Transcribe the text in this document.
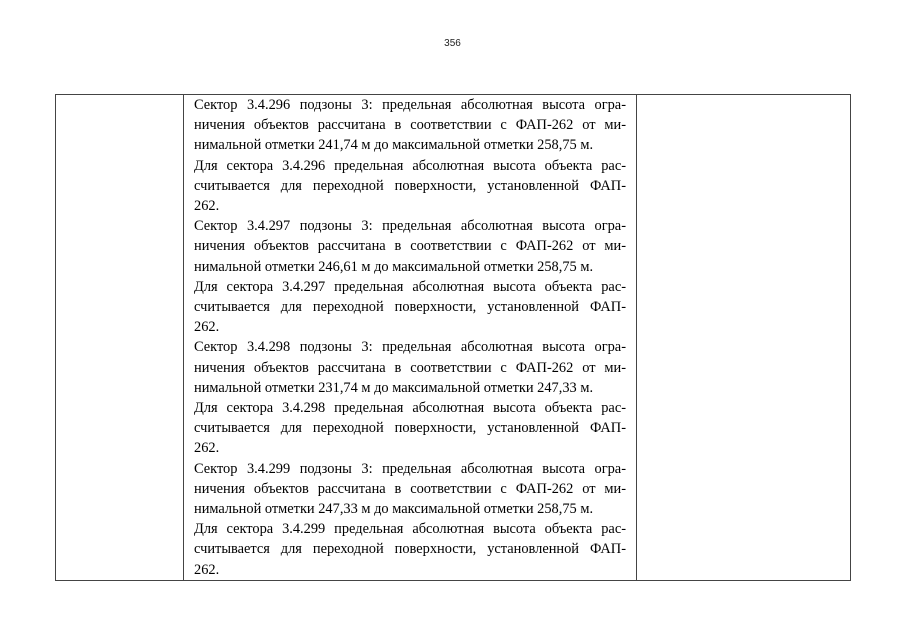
356

Сектор 3.4.296 подзоны 3: предельная абсолютная высота огра-
ничения объектов рассчитана в соответствии с ФАП-262 от ми-
нимальной отметки 241,74 м до максимальной отметки 258,75 м.
Для сектора 3.4.296 предельная абсолютная высота объекта рас-
считывается для переходной поверхности, установленной ФАП-
262.
Сектор 3.4.297 подзоны 3: предельная абсолютная высота огра-
ничения объектов рассчитана в соответствии с ФАП-262 от ми-
нимальной отметки 246,61 м до максимальной отметки 258,75 м.
Для сектора 3.4.297 предельная абсолютная высота объекта рас-
считывается для переходной поверхности, установленной ФАП-
262.
Сектор 3.4.298 подзоны 3: предельная абсолютная высота огра-
ничения объектов рассчитана в соответствии с ФАП-262 от ми-
нимальной отметки 231,74 м до максимальной отметки 247,33 м.
Для сектора 3.4.298 предельная абсолютная высота объекта рас-
считывается для переходной поверхности, установленной ФАП-
262.
Сектор 3.4.299 подзоны 3: предельная абсолютная высота огра-
ничения объектов рассчитана в соответствии с ФАП-262 от ми-
нимальной отметки 247,33 м до максимальной отметки 258,75 м.
Для сектора 3.4.299 предельная абсолютная высота объекта рас-
считывается для переходной поверхности, установленной ФАП-
262.
